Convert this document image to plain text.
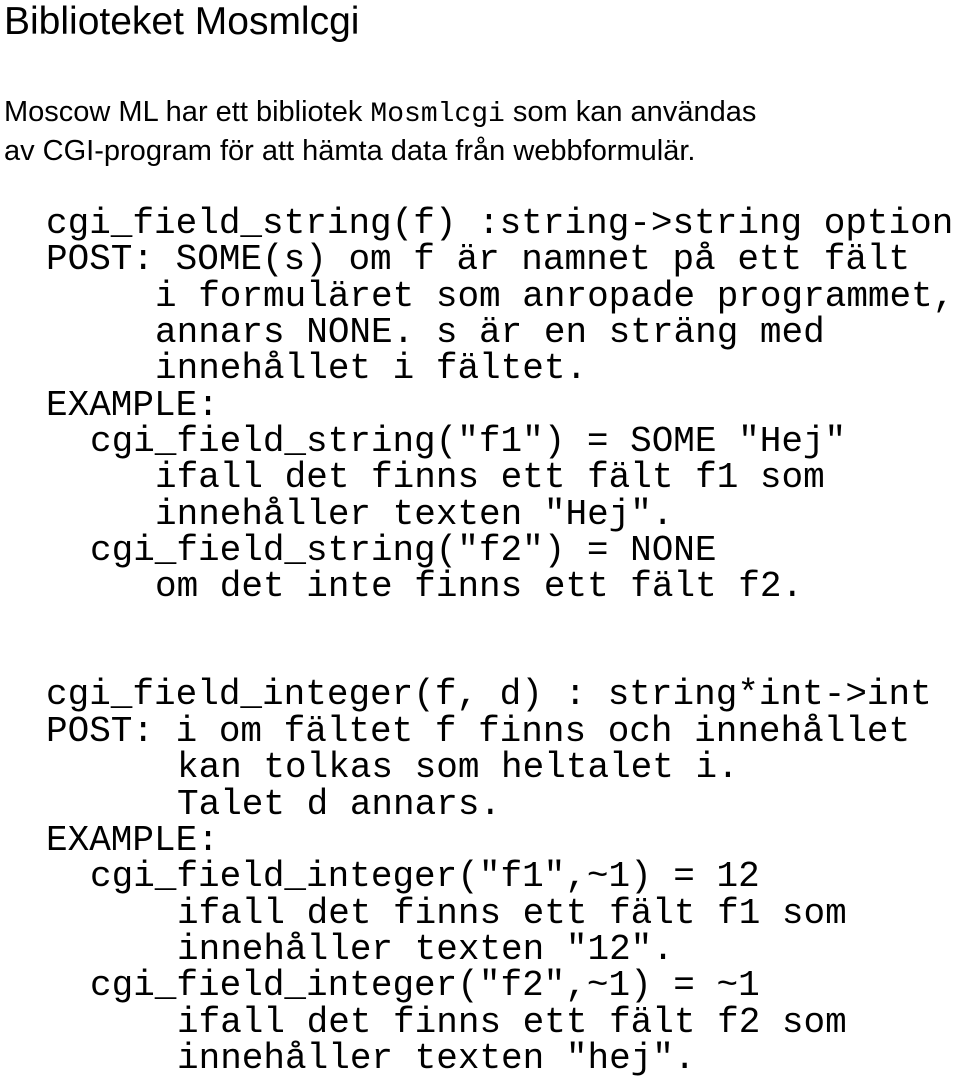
Biblioteket Mosmlcgi
Moscow ML har ett bibliotek Mosmlcgi som kan användas
av CGI-program för att hämta data från webbformulär.
cgi_field_string(f) :string->string option
POST: SOME(s) om f är namnet på ett fält
i formuläret som anropade programmet,
annars NONE. s är en sträng med
innehållet i fältet.
EXAMPLE:
cgi_field_string("f1") = SOME "Hej"
ifall det finns ett fält f1 som
innehåller texten "Hej".
cgi_field_string("f2") = NONE
om det inte finns ett fält f2.
cgi_field_integer(f, d) : string*int->int
POST: i om fältet f finns och innehållet
kan tolkas som heltalet i.
Talet d annars.
EXAMPLE:
cgi_field_integer("f1",~1) = 12
ifall det finns ett fält f1 som
innehåller texten "12".
cgi_field_integer("f2",~1) = ~1
ifall det finns ett fält f2 som
innehåller texten "hej".
